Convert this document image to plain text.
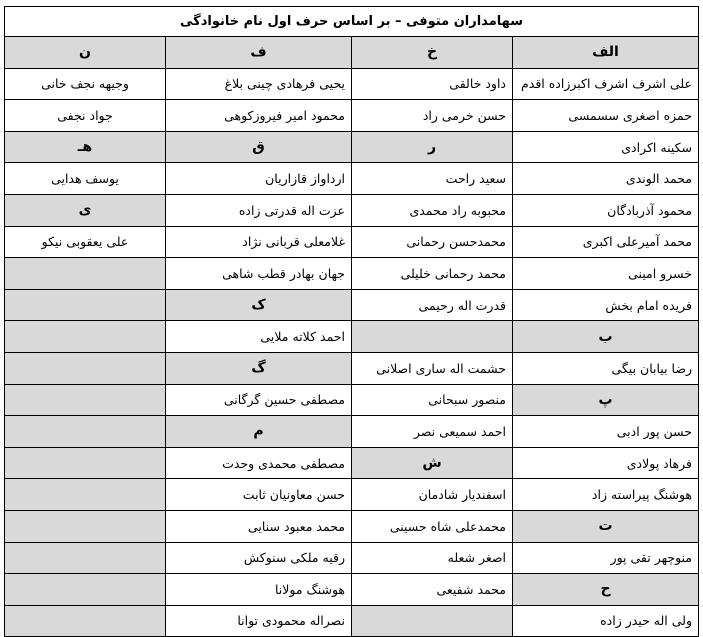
سهامداران متوفی – بر اساس حرف اول نام خانوادگی			
الف	خ	ف	ن
علی اشرف اشرف اکبرزاده اقدم	داود خالقی	یحیی فرهادی چینی بلاغ	وجیهه نجف خانی
حمزه اصغری سسمسی	حسن خرمی راد	محمود امیر فیروزکوهی	جواد نجفی
سکینه اکرادی	ر	ق	هـ
محمد الوندی	سعید راحت	ارداواز قازاریان	یوسف هدایی
محمود آذربادگان	محبوبه راد محمدی	عزت اله قدرتی زاده	ی
محمد آمیرعلی اکبری	محمدحسن رحمانی	غلامعلی قربانی نژاد	علی یعقوبی نیکو
خسرو امینی	محمد رحمانی خلیلی	جهان بهادر قطب شاهی	
فریده امام بخش	قدرت اله رحیمی	ک	
ب		احمد کلاته ملایی	
رضا بیابان بیگی	حشمت اله ساری اصلانی	گ	
پ	منصور سبحانی	مصطفی حسین گرگانی	
حسن پور ادبی	احمد سمیعی نصر	م	
فرهاد پولادی	ش	مصطفی محمدی وحدت	
هوشنگ پیراسته زاد	اسفندیار شادمان	حسن معاونیان ثابت	
ت	محمدعلی شاه حسینی	محمد معبود سنایی	
منوچهر تقی پور	اصغر شعله	رقیه ملکی سنوکش	
ح	محمد شفیعی	هوشنگ مولانا	
ولی اله حیدر زاده		نصراله محمودی توانا	
